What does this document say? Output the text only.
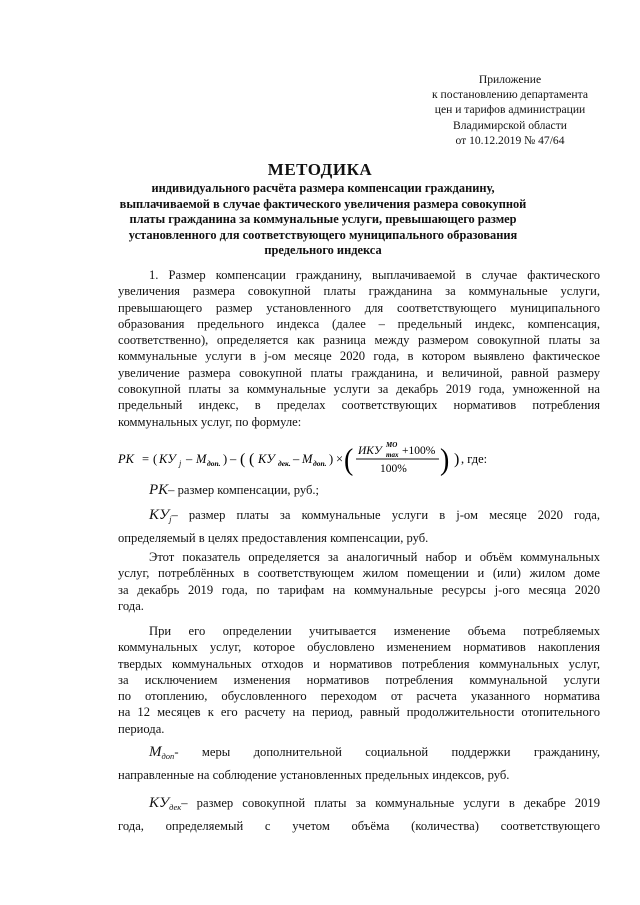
Приложение
к постановлению департамента
цен и тарифов администрации
Владимирской области
от 10.12.2019 № 47/64
МЕТОДИКА
индивидуального расчёта размера компенсации гражданину,
выплачиваемой в случае фактического увеличения размера совокупной
платы гражданина за коммунальные услуги, превышающего размер
установленного для соответствующего муниципального образования
предельного индекса
1. Размер компенсации гражданину, выплачиваемой в случае фактического
увеличения размера совокупной платы гражданина за коммунальные услуги,
превышающего размер установленного для соответствующего муниципального
образования предельного индекса (далее – предельный индекс, компенсация,
соответственно), определяется как разница между размером совокупной платы за
коммунальные услуги в j-ом месяце 2020 года, в котором выявлено фактическое
увеличение размера совокупной платы гражданина, и величиной, равной размеру
совокупной платы за коммунальные услуги за декабрь 2019 года, умноженной на
предельный индекс, в пределах соответствующих нормативов потребления
коммунальных услуг, по формуле:
PK = ( KУ j – M доп. ) – ( ( KУ дек. – M доп. ) × ( ИKУ MO
max +100%
100% ) ) , где:
PK– размер компенсации, руб.;
$KУ_j-$ размер платы за коммунальные услуги в j-ом месяце 2020 года,
определяемый в целях предоставления компенсации, руб.
Этот показатель определяется за аналогичный набор и объём коммунальных
услуг, потреблённых в соответствующем жилом помещении и (или) жилом доме
за декабрь 2019 года, по тарифам на коммунальные ресурсы j-ого месяца 2020
года.
При его определении учитывается изменение объема потребляемых
коммунальных услуг, которое обусловлено изменением нормативов накопления
твердых коммунальных отходов и нормативов потребления коммунальных услуг,
за исключением изменения нормативов потребления коммунальной услуги
по отоплению, обусловленного переходом от расчета указанного норматива
на 12 месяцев к его расчету на период, равный продолжительности отопительного
периода.
$M_{доп}-$ меры дополнительной социальной поддержки гражданину,
направленные на соблюдение установленных предельных индексов, руб.
$KУ_{дек}-$ размер совокупной платы за коммунальные услуги в декабре 2019
года, определяемый с учетом объёма (количества) соответствующего
